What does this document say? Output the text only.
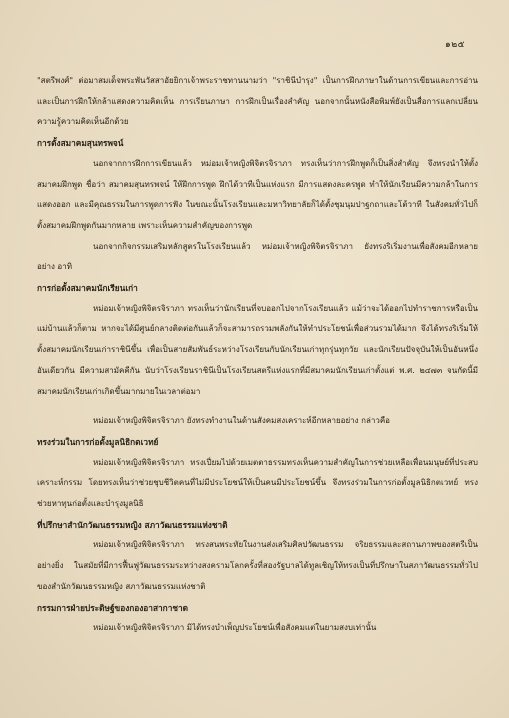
๑๒๕

"สตรีพงศ์" ต่อมาสมเด็จพระพันวัสสาอัยยิกาเจ้าพระราชทานนามว่า "ราชินีบำรุง" เป็นการฝึกภาษาในด้านการเขียนและการอ่าน และเป็นการฝึกให้กล้าแสดงความคิดเห็น การเรียนภาษา การฝึกเป็นเรื่องสำคัญ นอกจากนั้นหนังสือพิมพ์ยังเป็นสื่อการแลกเปลี่ยนความรู้ความคิดเห็นอีกด้วย

การตั้งสมาคมสุนทรพจน์

นอกจากการฝึกการเขียนแล้ว หม่อมเจ้าหญิงพิจิตรจิราภา ทรงเห็นว่าการฝึกพูดก็เป็นสิ่งสำคัญ จึงทรงนำให้ตั้งสมาคมฝึกพูด ชื่อว่า สมาคมสุนทรพจน์ ให้ฝึกการพูด ฝึกได้วาทีเป็นแห่งแรก มีการแสดงละครพูด ทำให้นักเรียนมีความกล้าในการแสดงออก และมีคุณธรรมในการพูดการฟัง ในขณะนั้นโรงเรียนและมหาวิทยาลัยก็ได้ตั้งชุมนุมปาฐกถาและโต้วาที ในสังคมทั่วไปก็ตั้งสมาคมฝึกพูดกันมากหลาย เพราะเห็นความสำคัญของการพูด

นอกจากกิจกรรมเสริมหลักสูตรในโรงเรียนแล้ว หม่อมเจ้าหญิงพิจิตรจิราภา ยังทรงริเริ่มงานเพื่อสังคมอีกหลายอย่าง อาทิ

การก่อตั้งสมาคมนักเรียนเก่า

หม่อมเจ้าหญิงพิจิตรจิราภา ทรงเห็นว่านักเรียนที่จบออกไปจากโรงเรียนแล้ว แม้ว่าจะได้ออกไปทำราชการหรือเป็นแม่บ้านแล้วก็ตาม หากจะได้มีศูนย์กลางติดต่อกันแล้วก็จะสามารถรวมพลังกันให้ทำประโยชน์เพื่อส่วนรวมได้มาก จึงได้ทรงริเริ่มให้ตั้งสมาคมนักเรียนเก่าราชินีขึ้น เพื่อเป็นสายสัมพันธ์ระหว่างโรงเรียนกับนักเรียนเก่าทุกรุ่นทุกวัย และนักเรียนปัจจุบันให้เป็นอันหนึ่งอันเดียวกัน มีความสามัคคีกัน นับว่าโรงเรียนราชินีเป็นโรงเรียนสตรีแห่งแรกที่มีสมาคมนักเรียนเก่าตั้งแต่ พ.ศ. ๒๔๗๓ จนกัดนี้มีสมาคมนักเรียนเก่าเกิดขึ้นมากมายในเวลาต่อมา

หม่อมเจ้าหญิงพิจิตรจิราภา ยังทรงทำงานในด้านสังคมสงเคราะห์อีกหลายอย่าง กล่าวคือ

ทรงร่วมในการก่อตั้งมูลนิธิกตเวทย์

หม่อมเจ้าหญิงพิจิตรจิราภา ทรงเปี่ยมไปด้วยเมตตาธรรมทรงเห็นความสำคัญในการช่วยเหลือเพื่อนมนุษย์ที่ประสบเคราะห์กรรม โดยทรงเห็นว่าช่วยชุบชีวิตคนที่ไม่มีประโยชน์ให้เป็นคนมีประโยชน์ขึ้น จึงทรงร่วมในการก่อตั้งมูลนิธิกตเวทย์ ทรงช่วยหาทุนก่อตั้งและบำรุงมูลนิธิ

ที่ปรึกษาสำนักวัฒนธรรมหญิง สภาวัฒนธรรมแห่งชาติ

หม่อมเจ้าหญิงพิจิตรจิราภา ทรงสนพระทัยในงานส่งเสริมศิลปวัฒนธรรม จริยธรรมและสถานภาพของสตรีเป็นอย่างยิ่ง ในสมัยที่มีการฟื้นฟูวัฒนธรรมระหว่างสงครามโลกครั้งที่สองรัฐบาลได้ทูลเชิญให้ทรงเป็นที่ปรึกษาในสภาวัฒนธรรมทั่วไปของสำนักวัฒนธรรมหญิง สภาวัฒนธรรมแห่งชาติ

กรรมการฝ่ายประดิษฐ์ของกองอาสากาชาด

หม่อมเจ้าหญิงพิจิตรจิราภา มิได้ทรงบำเพ็ญประโยชน์เพื่อสังคมแต่ในยามสงบเท่านั้น
